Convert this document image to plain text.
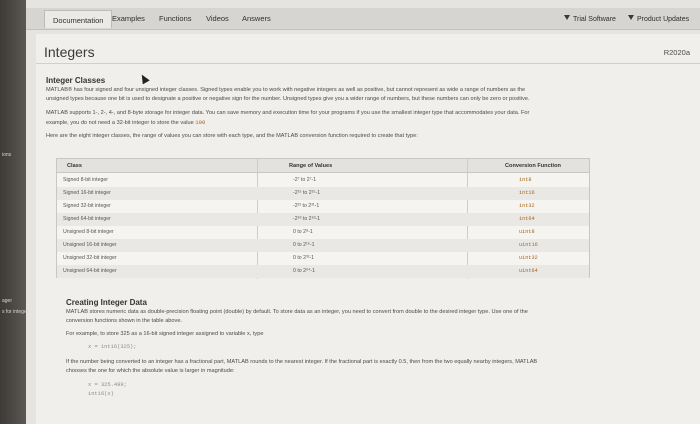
ions
ager
s for integer
Documentation	Examples Functions Videos Answers	Trial Software	Product Updates
Integers	R2020a
Integer Classes
MATLAB® has four signed and four unsigned integer classes. Signed types enable you to work with negative integers as well as positive, but cannot represent as wide a range of numbers as the
unsigned types because one bit is used to designate a positive or negative sign for the number. Unsigned types give you a wider range of numbers, but these numbers can only be zero or positive.
MATLAB supports 1-, 2-, 4-, and 8-byte storage for integer data. You can save memory and execution time for your programs if you use the smallest integer type that accommodates your data. For
example, you do not need a 32-bit integer to store the value 100
Here are the eight integer classes, the range of values you can store with each type, and the MATLAB conversion function required to create that type:
Class	Range of Values	Conversion Function
Signed 8-bit integer	-2⁷ to 2⁷-1	int8
Signed 16-bit integer	-2¹⁵ to 2¹⁵-1	int16
Signed 32-bit integer	-2³¹ to 2³¹-1	int32
Signed 64-bit integer	-2⁶³ to 2⁶³-1	int64
Unsigned 8-bit integer	0 to 2⁸-1	uint8
Unsigned 16-bit integer	0 to 2¹⁶-1	uint16
Unsigned 32-bit integer	0 to 2³²-1	uint32
Unsigned 64-bit integer	0 to 2⁶⁴-1	uint64
Creating Integer Data
MATLAB stores numeric data as double-precision floating point (double) by default. To store data as an integer, you need to convert from double to the desired integer type. Use one of the
conversion functions shown in the table above.
For example, to store 325 as a 16-bit signed integer assigned to variable x, type
x = int16(325);
If the number being converted to an integer has a fractional part, MATLAB rounds to the nearest integer. If the fractional part is exactly 0.5, then from the two equally nearby integers, MATLAB
chooses the one for which the absolute value is larger in magnitude:
x = 325.499;
int16(x)
